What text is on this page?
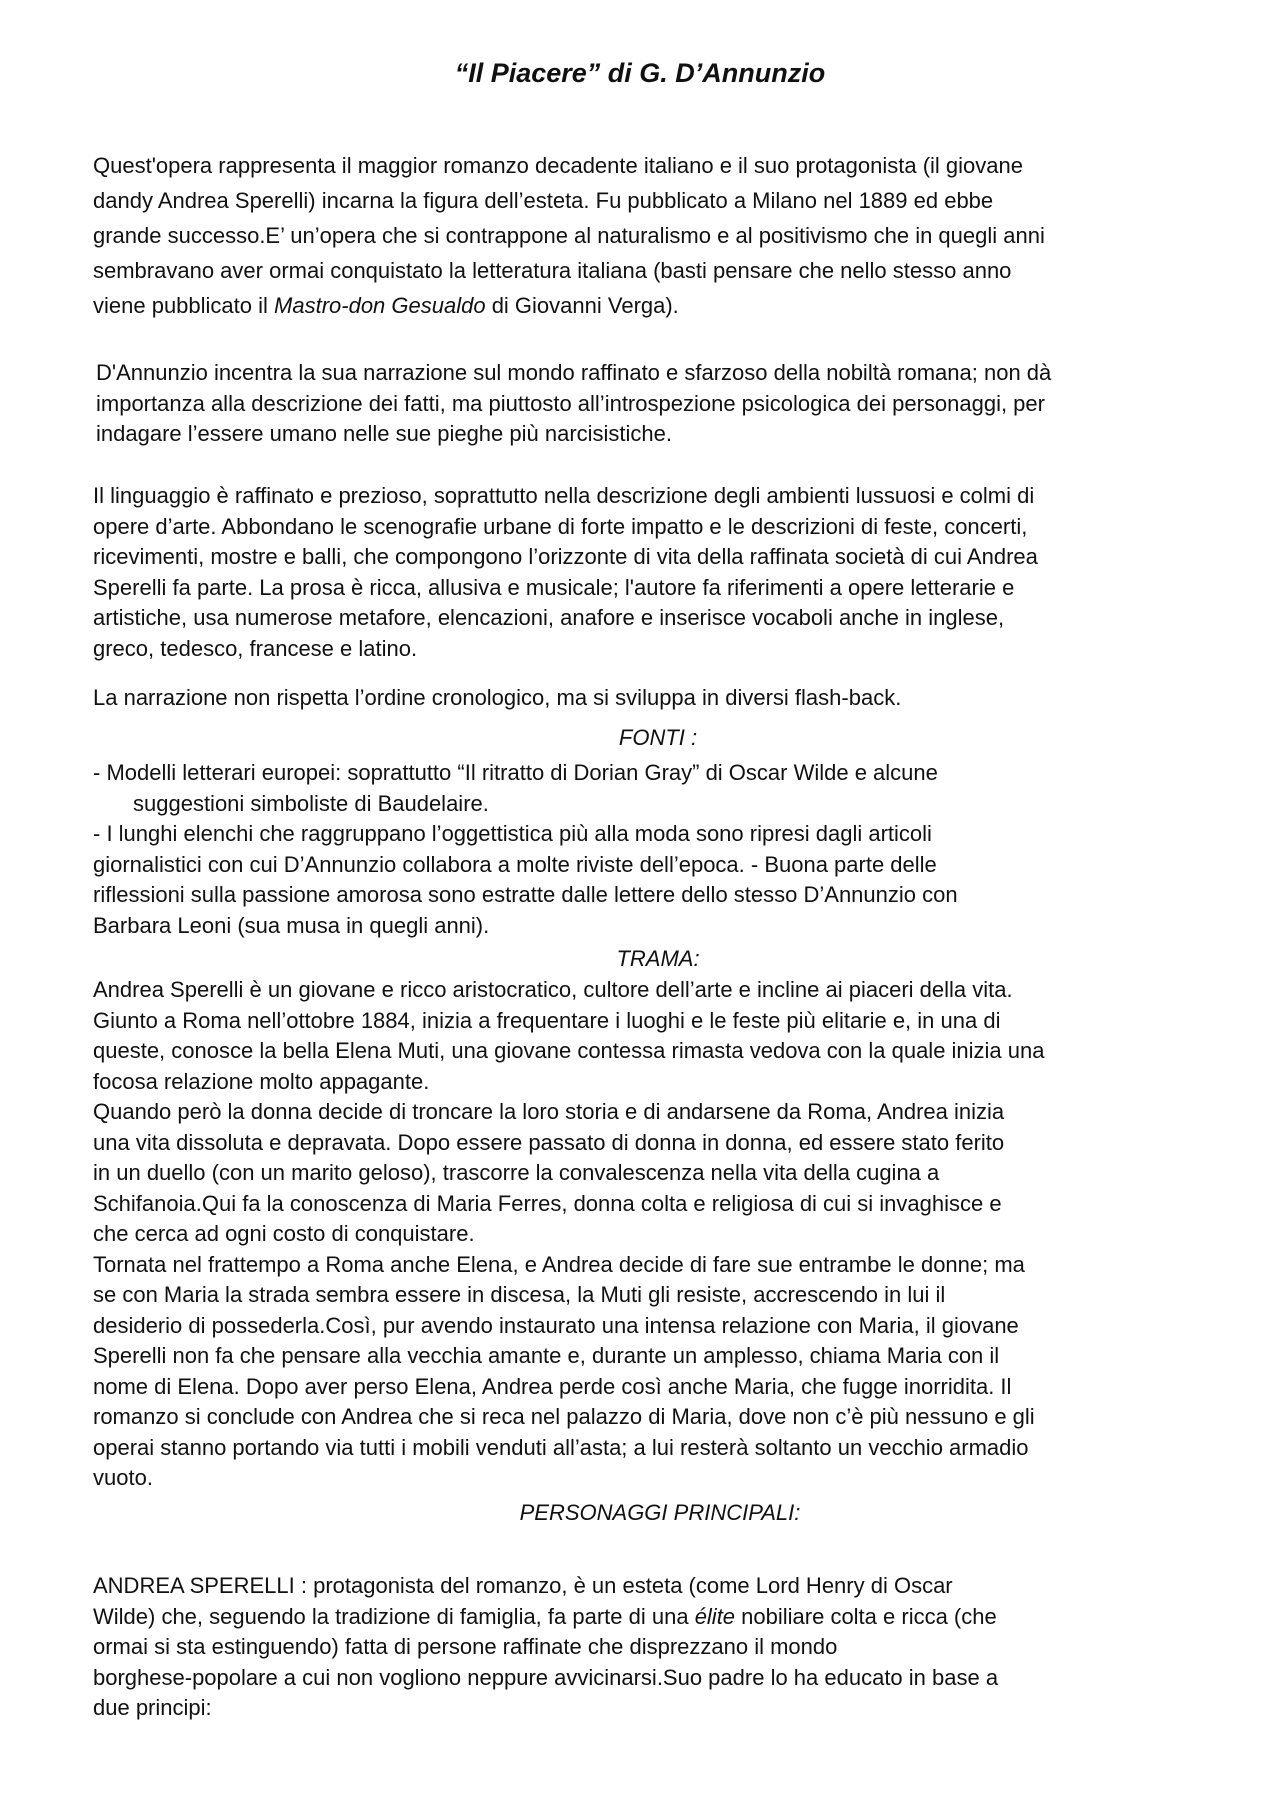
“Il Piacere” di G. D’Annunzio
Quest'opera rappresenta il maggior romanzo decadente italiano e il suo protagonista (il giovane
dandy Andrea Sperelli) incarna la figura dell’esteta. Fu pubblicato a Milano nel 1889 ed ebbe
grande successo.E’ un’opera che si contrappone al naturalismo e al positivismo che in quegli anni
sembravano aver ormai conquistato la letteratura italiana (basti pensare che nello stesso anno
viene pubblicato il Mastro-don Gesualdo di Giovanni Verga).
D'Annunzio incentra la sua narrazione sul mondo raffinato e sfarzoso della nobiltà romana; non dà
importanza alla descrizione dei fatti, ma piuttosto all’introspezione psicologica dei personaggi, per
indagare l’essere umano nelle sue pieghe più narcisistiche.
Il linguaggio è raffinato e prezioso, soprattutto nella descrizione degli ambienti lussuosi e colmi di
opere d’arte. Abbondano le scenografie urbane di forte impatto e le descrizioni di feste, concerti,
ricevimenti, mostre e balli, che compongono l’orizzonte di vita della raffinata società di cui Andrea
Sperelli fa parte. La prosa è ricca, allusiva e musicale; l'autore fa riferimenti a opere letterarie e
artistiche, usa numerose metafore, elencazioni, anafore e inserisce vocaboli anche in inglese,
greco, tedesco, francese e latino.
La narrazione non rispetta l’ordine cronologico, ma si sviluppa in diversi flash-back.
FONTI :
- Modelli letterari europei: soprattutto “Il ritratto di Dorian Gray” di Oscar Wilde e alcune
suggestioni simboliste di Baudelaire.
- I lunghi elenchi che raggruppano l’oggettistica più alla moda sono ripresi dagli articoli
giornalistici con cui D’Annunzio collabora a molte riviste dell’epoca. - Buona parte delle
riflessioni sulla passione amorosa sono estratte dalle lettere dello stesso D’Annunzio con
Barbara Leoni (sua musa in quegli anni).
TRAMA:
Andrea Sperelli è un giovane e ricco aristocratico, cultore dell’arte e incline ai piaceri della vita.
Giunto a Roma nell’ottobre 1884, inizia a frequentare i luoghi e le feste più elitarie e, in una di
queste, conosce la bella Elena Muti, una giovane contessa rimasta vedova con la quale inizia una
focosa relazione molto appagante.
Quando però la donna decide di troncare la loro storia e di andarsene da Roma, Andrea inizia
una vita dissoluta e depravata. Dopo essere passato di donna in donna, ed essere stato ferito
in un duello (con un marito geloso), trascorre la convalescenza nella vita della cugina a
Schifanoia.Qui fa la conoscenza di Maria Ferres, donna colta e religiosa di cui si invaghisce e
che cerca ad ogni costo di conquistare.
Tornata nel frattempo a Roma anche Elena, e Andrea decide di fare sue entrambe le donne; ma
se con Maria la strada sembra essere in discesa, la Muti gli resiste, accrescendo in lui il
desiderio di possederla.Così, pur avendo instaurato una intensa relazione con Maria, il giovane
Sperelli non fa che pensare alla vecchia amante e, durante un amplesso, chiama Maria con il
nome di Elena. Dopo aver perso Elena, Andrea perde così anche Maria, che fugge inorridita. Il
romanzo si conclude con Andrea che si reca nel palazzo di Maria, dove non c’è più nessuno e gli
operai stanno portando via tutti i mobili venduti all’asta; a lui resterà soltanto un vecchio armadio
vuoto.
PERSONAGGI PRINCIPALI:
ANDREA SPERELLI : protagonista del romanzo, è un esteta (come Lord Henry di Oscar
Wilde) che, seguendo la tradizione di famiglia, fa parte di una élite nobiliare colta e ricca (che
ormai si sta estinguendo) fatta di persone raffinate che disprezzano il mondo
borghese-popolare a cui non vogliono neppure avvicinarsi.Suo padre lo ha educato in base a
due principi:
